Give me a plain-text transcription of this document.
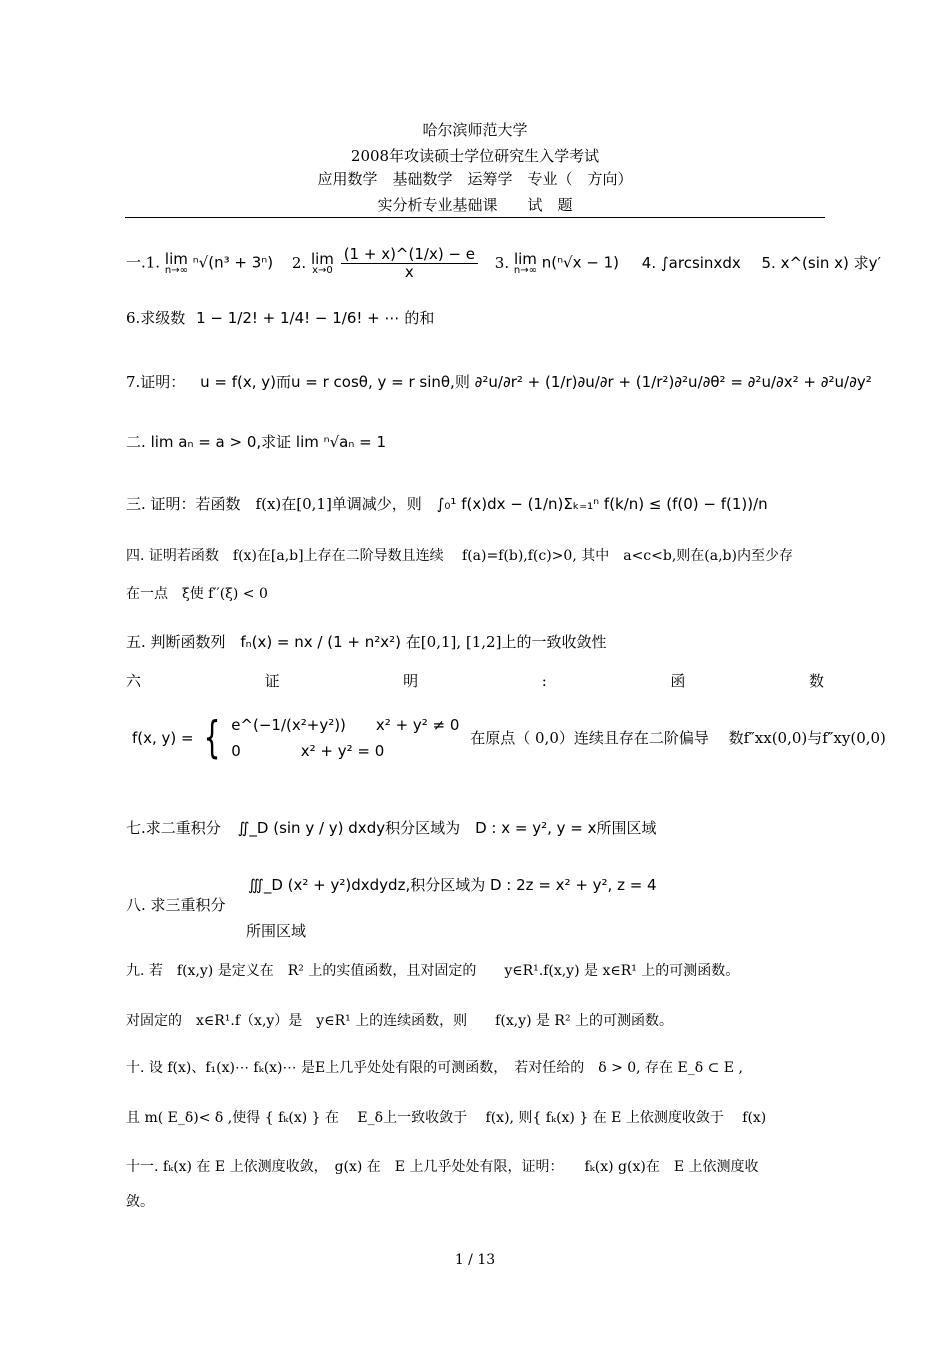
哈尔滨师范大学
2008年攻读硕士学位研究生入学考试
应用数学　基础数学　运筹学　专业（　方向）
实分析专业基础课　　试　题
一.1. lim
n→∞ ⁿ√(n³ + 3ⁿ) 2. lim
x→0
$\frac{(1 + x)\^{}(1/x) - e}{x} 3$. lim
n→∞ n(ⁿ√x − 1) 4. ∫arcsinxdx 5. x^(sin x) 求y′
6.求级数 1 − 1/2! + 1/4! − 1/6! + ⋯ 的和
7.证明： u = f(x, y)而u = r cosθ, y = r sinθ,则 ∂²u/∂r² + (1/r)∂u/∂r + (1/r²)∂²u/∂θ² = ∂²u/∂x² + ∂²u/∂y²
二. lim aₙ = a > 0,求证 lim ⁿ√aₙ = 1
三. 证明：若函数　f(x)在[0,1]单调减少，则 ∫₀¹ f(x)dx − (1/n)Σₖ₌₁ⁿ f(k/n) ≤ (f(0) − f(1))/n
四. 证明若函数　f(x)在[a,b]上存在二阶导数且连续　 f(a)=f(b),f(c)>0, 其中　a<c<b,则在(a,b)内至少存
在一点　ξ使 f′′(ξ) < 0
五. 判断函数列 fₙ(x) = nx / (1 + n²x²) 在[0,1], [1,2]上的一致收敛性
六	证	明	:	函	数
f(x, y) = { e^(−1/(x²+y²))　　x² + y² ≠ 0
0　　　　x² + y² = 0
在原点（ 0,0）连续且存在二阶偏导　 数f″xx(0,0)与f″xy(0,0)
七.求二重积分 ∬_D (sin y / y) dxdy积分区域为　D : x = y², y = x所围区域
∭_D (x² + y²)dxdydz,积分区域为 D : 2z = x² + y², z = 4
八. 求三重积分
所围区域
九. 若　f(x,y) 是定义在　R² 上的实值函数，且对固定的　　y∈R¹.f(x,y) 是 x∈R¹ 上的可测函数。
对固定的　x∈R¹.f（x,y）是　y∈R¹ 上的连续函数，则　　f(x,y) 是 R² 上的可测函数。
十. 设 f(x)、f₁(x)⋯ fₖ(x)⋯ 是E上几乎处处有限的可测函数，　若对任给的　δ > 0, 存在 E_δ ⊂ E ,
且 m( E_δ)< δ ,使得 { fₖ(x) } 在　 E_δ上一致收敛于　 f(x), 则{ fₖ(x) } 在 E 上依测度收敛于　 f(x)
十一. fₖ(x) 在 E 上依测度收敛，　g(x) 在　E 上几乎处处有限，证明：　　fₖ(x) g(x)在　E 上依测度收
敛。
1 / 13
